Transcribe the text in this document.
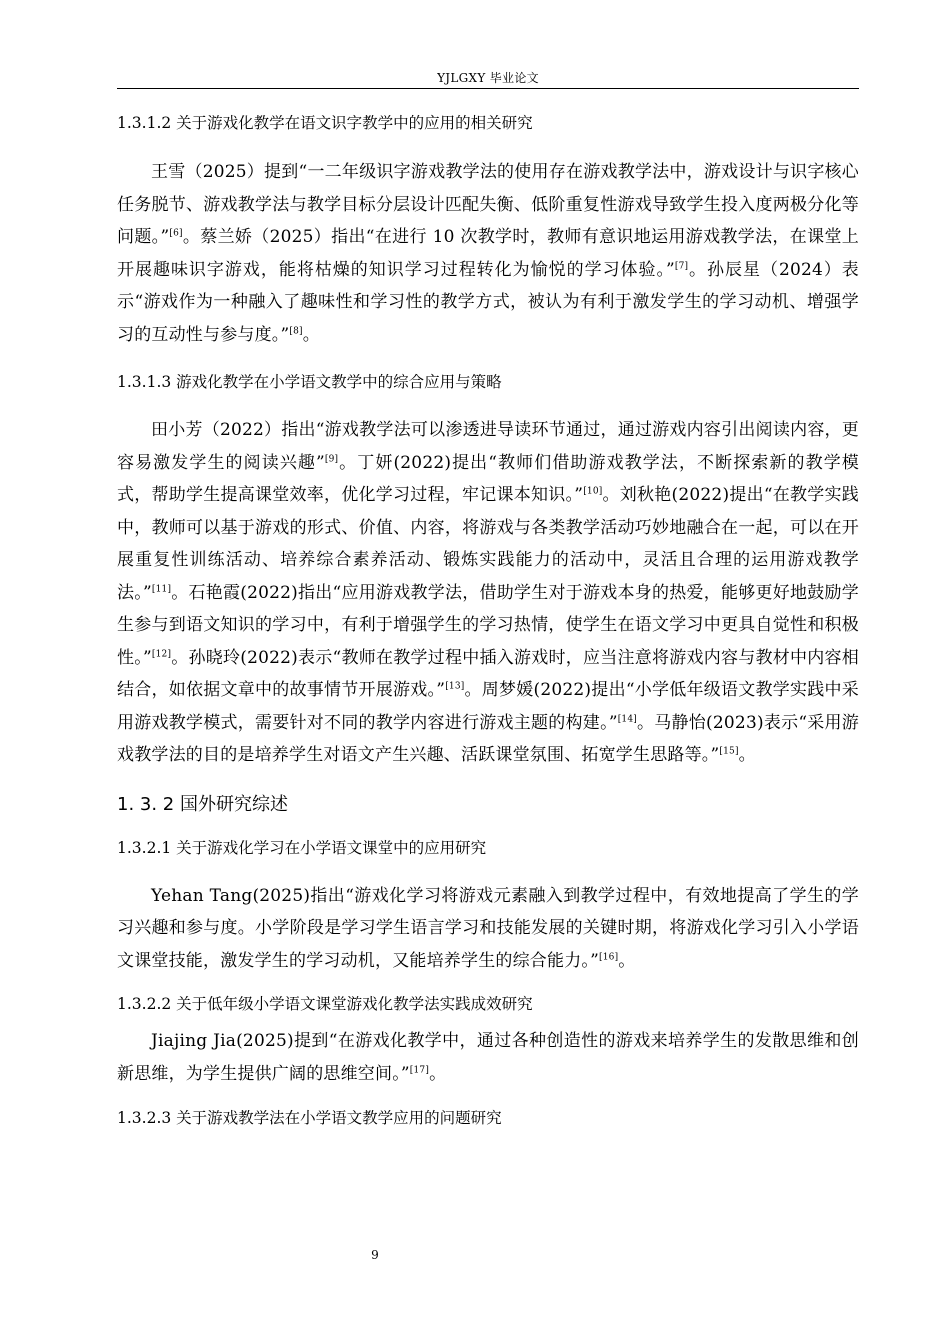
YJLGXY 毕业论文

1.3.1.2 关于游戏化教学在语文识字教学中的应用的相关研究

王雪（2025）提到“一二年级识字游戏教学法的使用存在游戏教学法中，游戏设计与识字核心任务脱节、游戏教学法与教学目标分层设计匹配失衡、低阶重复性游戏导致学生投入度两极分化等问题。”[6]。蔡兰娇（2025）指出“在进行 10 次教学时，教师有意识地运用游戏教学法，在课堂上开展趣味识字游戏，能将枯燥的知识学习过程转化为愉悦的学习体验。”[7]。孙辰星（2024）表示“游戏作为一种融入了趣味性和学习性的教学方式，被认为有利于激发学生的学习动机、增强学习的互动性与参与度。”[8]。

1.3.1.3 游戏化教学在小学语文教学中的综合应用与策略

田小芳（2022）指出“游戏教学法可以渗透进导读环节通过，通过游戏内容引出阅读内容，更容易激发学生的阅读兴趣”[9]。丁妍(2022)提出“教师们借助游戏教学法，不断探索新的教学模式，帮助学生提高课堂效率，优化学习过程，牢记课本知识。”[10]。刘秋艳(2022)提出“在教学实践中，教师可以基于游戏的形式、价值、内容，将游戏与各类教学活动巧妙地融合在一起，可以在开展重复性训练活动、培养综合素养活动、锻炼实践能力的活动中，灵活且合理的运用游戏教学法。”[11]。石艳霞(2022)指出“应用游戏教学法，借助学生对于游戏本身的热爱，能够更好地鼓励学生参与到语文知识的学习中，有利于增强学生的学习热情，使学生在语文学习中更具自觉性和积极性。”[12]。孙晓玲(2022)表示“教师在教学过程中插入游戏时，应当注意将游戏内容与教材中内容相结合，如依据文章中的故事情节开展游戏。”[13]。周梦媛(2022)提出“小学低年级语文教学实践中采用游戏教学模式，需要针对不同的教学内容进行游戏主题的构建。”[14]。马静怡(2023)表示“采用游戏教学法的目的是培养学生对语文产生兴趣、活跃课堂氛围、拓宽学生思路等。”[15]。

1. 3. 2 国外研究综述

1.3.2.1 关于游戏化学习在小学语文课堂中的应用研究

Yehan Tang(2025)指出“游戏化学习将游戏元素融入到教学过程中，有效地提高了学生的学习兴趣和参与度。小学阶段是学习学生语言学习和技能发展的关键时期，将游戏化学习引入小学语文课堂技能，激发学生的学习动机，又能培养学生的综合能力。”[16]。

1.3.2.2 关于低年级小学语文课堂游戏化教学法实践成效研究

Jiajing Jia(2025)提到“在游戏化教学中，通过各种创造性的游戏来培养学生的发散思维和创新思维，为学生提供广阔的思维空间。”[17]。

1.3.2.3 关于游戏教学法在小学语文教学应用的问题研究

9
